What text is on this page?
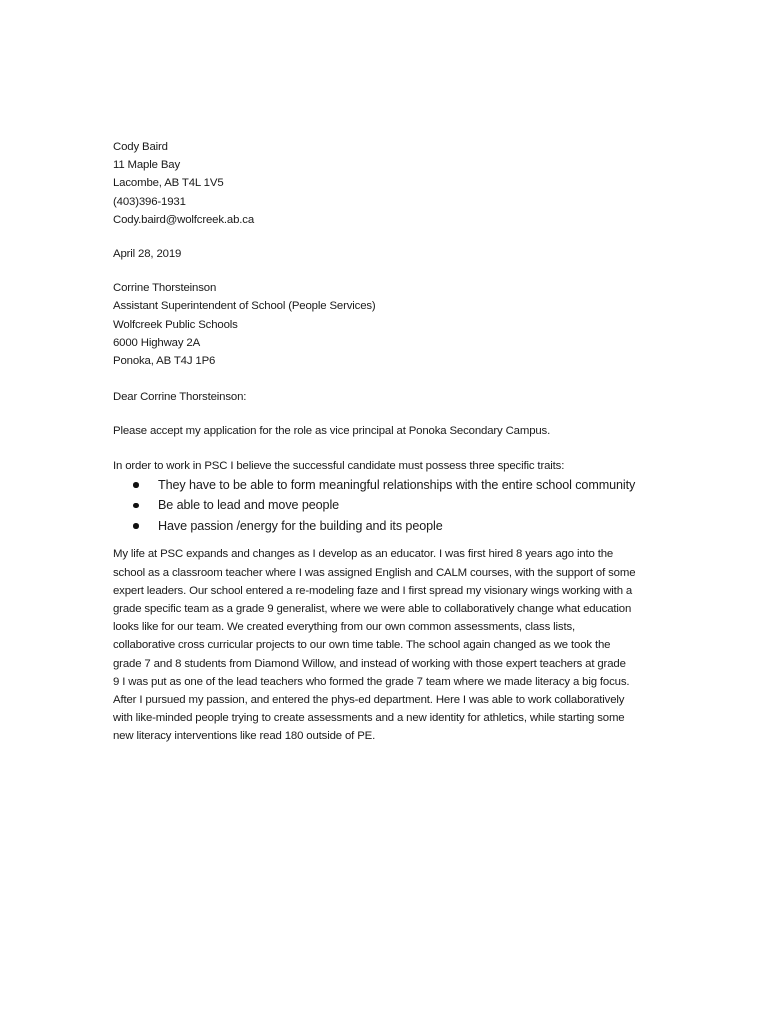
Cody Baird
11 Maple Bay
Lacombe, AB T4L 1V5
(403)396-1931
Cody.baird@wolfcreek.ab.ca
April 28, 2019
Corrine Thorsteinson
Assistant Superintendent of School (People Services)
Wolfcreek Public Schools
6000 Highway 2A
Ponoka, AB T4J 1P6
Dear Corrine Thorsteinson:
Please accept my application for the role as vice principal at Ponoka Secondary Campus.
In order to work in PSC I believe the successful candidate must possess three specific traits:
They have to be able to form meaningful relationships with the entire school community
Be able to lead and move people
Have passion /energy for the building and its people
My life at PSC expands and changes as I develop as an educator. I was first hired 8 years ago into the
school as a classroom teacher where I was assigned English and CALM courses, with the support of some
expert leaders. Our school entered a re-modeling faze and I first spread my visionary wings working with a
grade specific team as a grade 9 generalist, where we were able to collaboratively change what education
looks like for our team. We created everything from our own common assessments, class lists,
collaborative cross curricular projects to our own time table. The school again changed as we took the
grade 7 and 8 students from Diamond Willow, and instead of working with those expert teachers at grade
9 I was put as one of the lead teachers who formed the grade 7 team where we made literacy a big focus.
After I pursued my passion, and entered the phys-ed department. Here I was able to work collaboratively
with like-minded people trying to create assessments and a new identity for athletics, while starting some
new literacy interventions like read 180 outside of PE.
